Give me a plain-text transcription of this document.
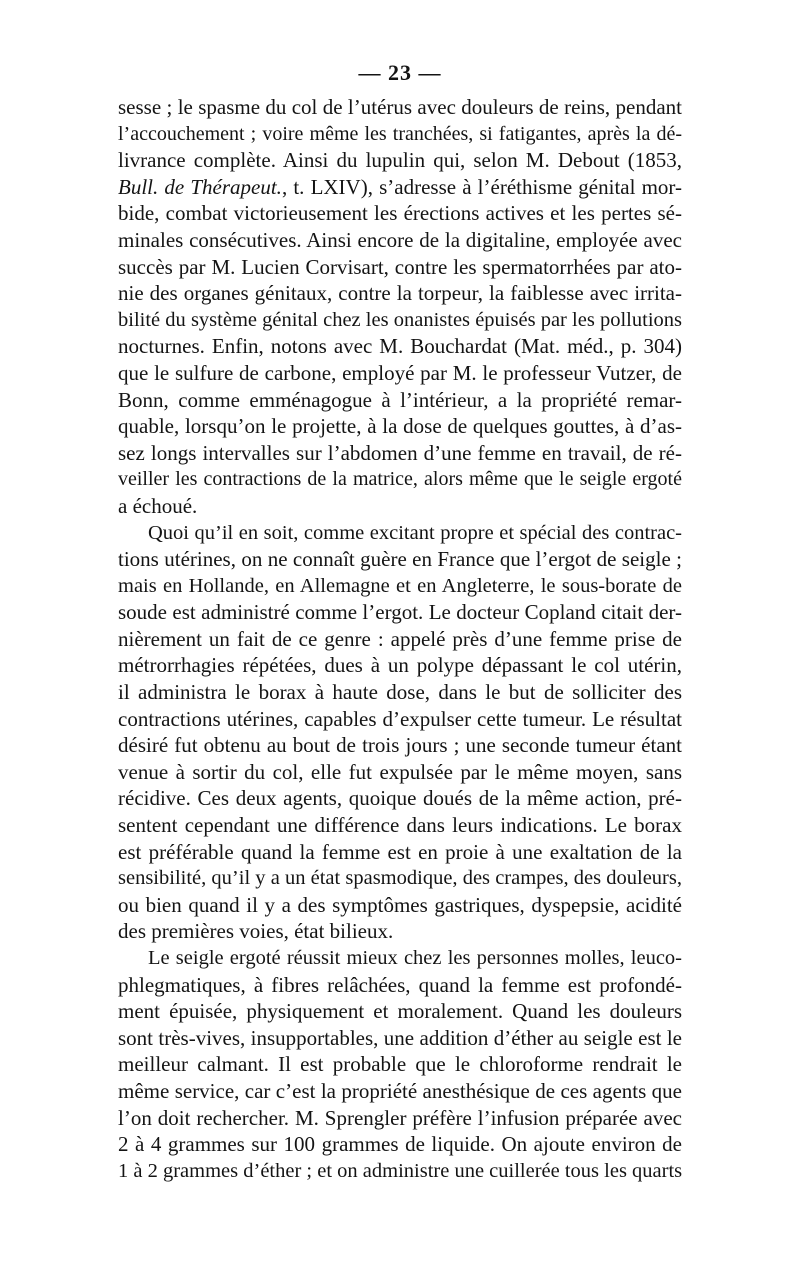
— 23 —
sesse ; le spasme du col de l’utérus avec douleurs de reins, pendant
l’accouchement ; voire même les tranchées, si fatigantes, après la dé-
livrance complète. Ainsi du lupulin qui, selon M. Debout (1853,
Bull. de Thérapeut., t. LXIV), s’adresse à l’éréthisme génital mor-
bide, combat victorieusement les érections actives et les pertes sé-
minales consécutives. Ainsi encore de la digitaline, employée avec
succès par M. Lucien Corvisart, contre les spermatorrhées par ato-
nie des organes génitaux, contre la torpeur, la faiblesse avec irrita-
bilité du système génital chez les onanistes épuisés par les pollutions
nocturnes. Enfin, notons avec M. Bouchardat (Mat. méd., p. 304)
que le sulfure de carbone, employé par M. le professeur Vutzer, de
Bonn, comme emménagogue à l’intérieur, a la propriété remar-
quable, lorsqu’on le projette, à la dose de quelques gouttes, à d’as-
sez longs intervalles sur l’abdomen d’une femme en travail, de ré-
veiller les contractions de la matrice, alors même que le seigle ergoté
a échoué.
Quoi qu’il en soit, comme excitant propre et spécial des contrac-
tions utérines, on ne connaît guère en France que l’ergot de seigle ;
mais en Hollande, en Allemagne et en Angleterre, le sous-borate de
soude est administré comme l’ergot. Le docteur Copland citait der-
nièrement un fait de ce genre : appelé près d’une femme prise de
métrorrhagies répétées, dues à un polype dépassant le col utérin,
il administra le borax à haute dose, dans le but de solliciter des
contractions utérines, capables d’expulser cette tumeur. Le résultat
désiré fut obtenu au bout de trois jours ; une seconde tumeur étant
venue à sortir du col, elle fut expulsée par le même moyen, sans
récidive. Ces deux agents, quoique doués de la même action, pré-
sentent cependant une différence dans leurs indications. Le borax
est préférable quand la femme est en proie à une exaltation de la
sensibilité, qu’il y a un état spasmodique, des crampes, des douleurs,
ou bien quand il y a des symptômes gastriques, dyspepsie, acidité
des premières voies, état bilieux.
Le seigle ergoté réussit mieux chez les personnes molles, leuco-
phlegmatiques, à fibres relâchées, quand la femme est profondé-
ment épuisée, physiquement et moralement. Quand les douleurs
sont très-vives, insupportables, une addition d’éther au seigle est le
meilleur calmant. Il est probable que le chloroforme rendrait le
même service, car c’est la propriété anesthésique de ces agents que
l’on doit rechercher. M. Sprengler préfère l’infusion préparée avec
2 à 4 grammes sur 100 grammes de liquide. On ajoute environ de
1 à 2 grammes d’éther ; et on administre une cuillerée tous les quarts
